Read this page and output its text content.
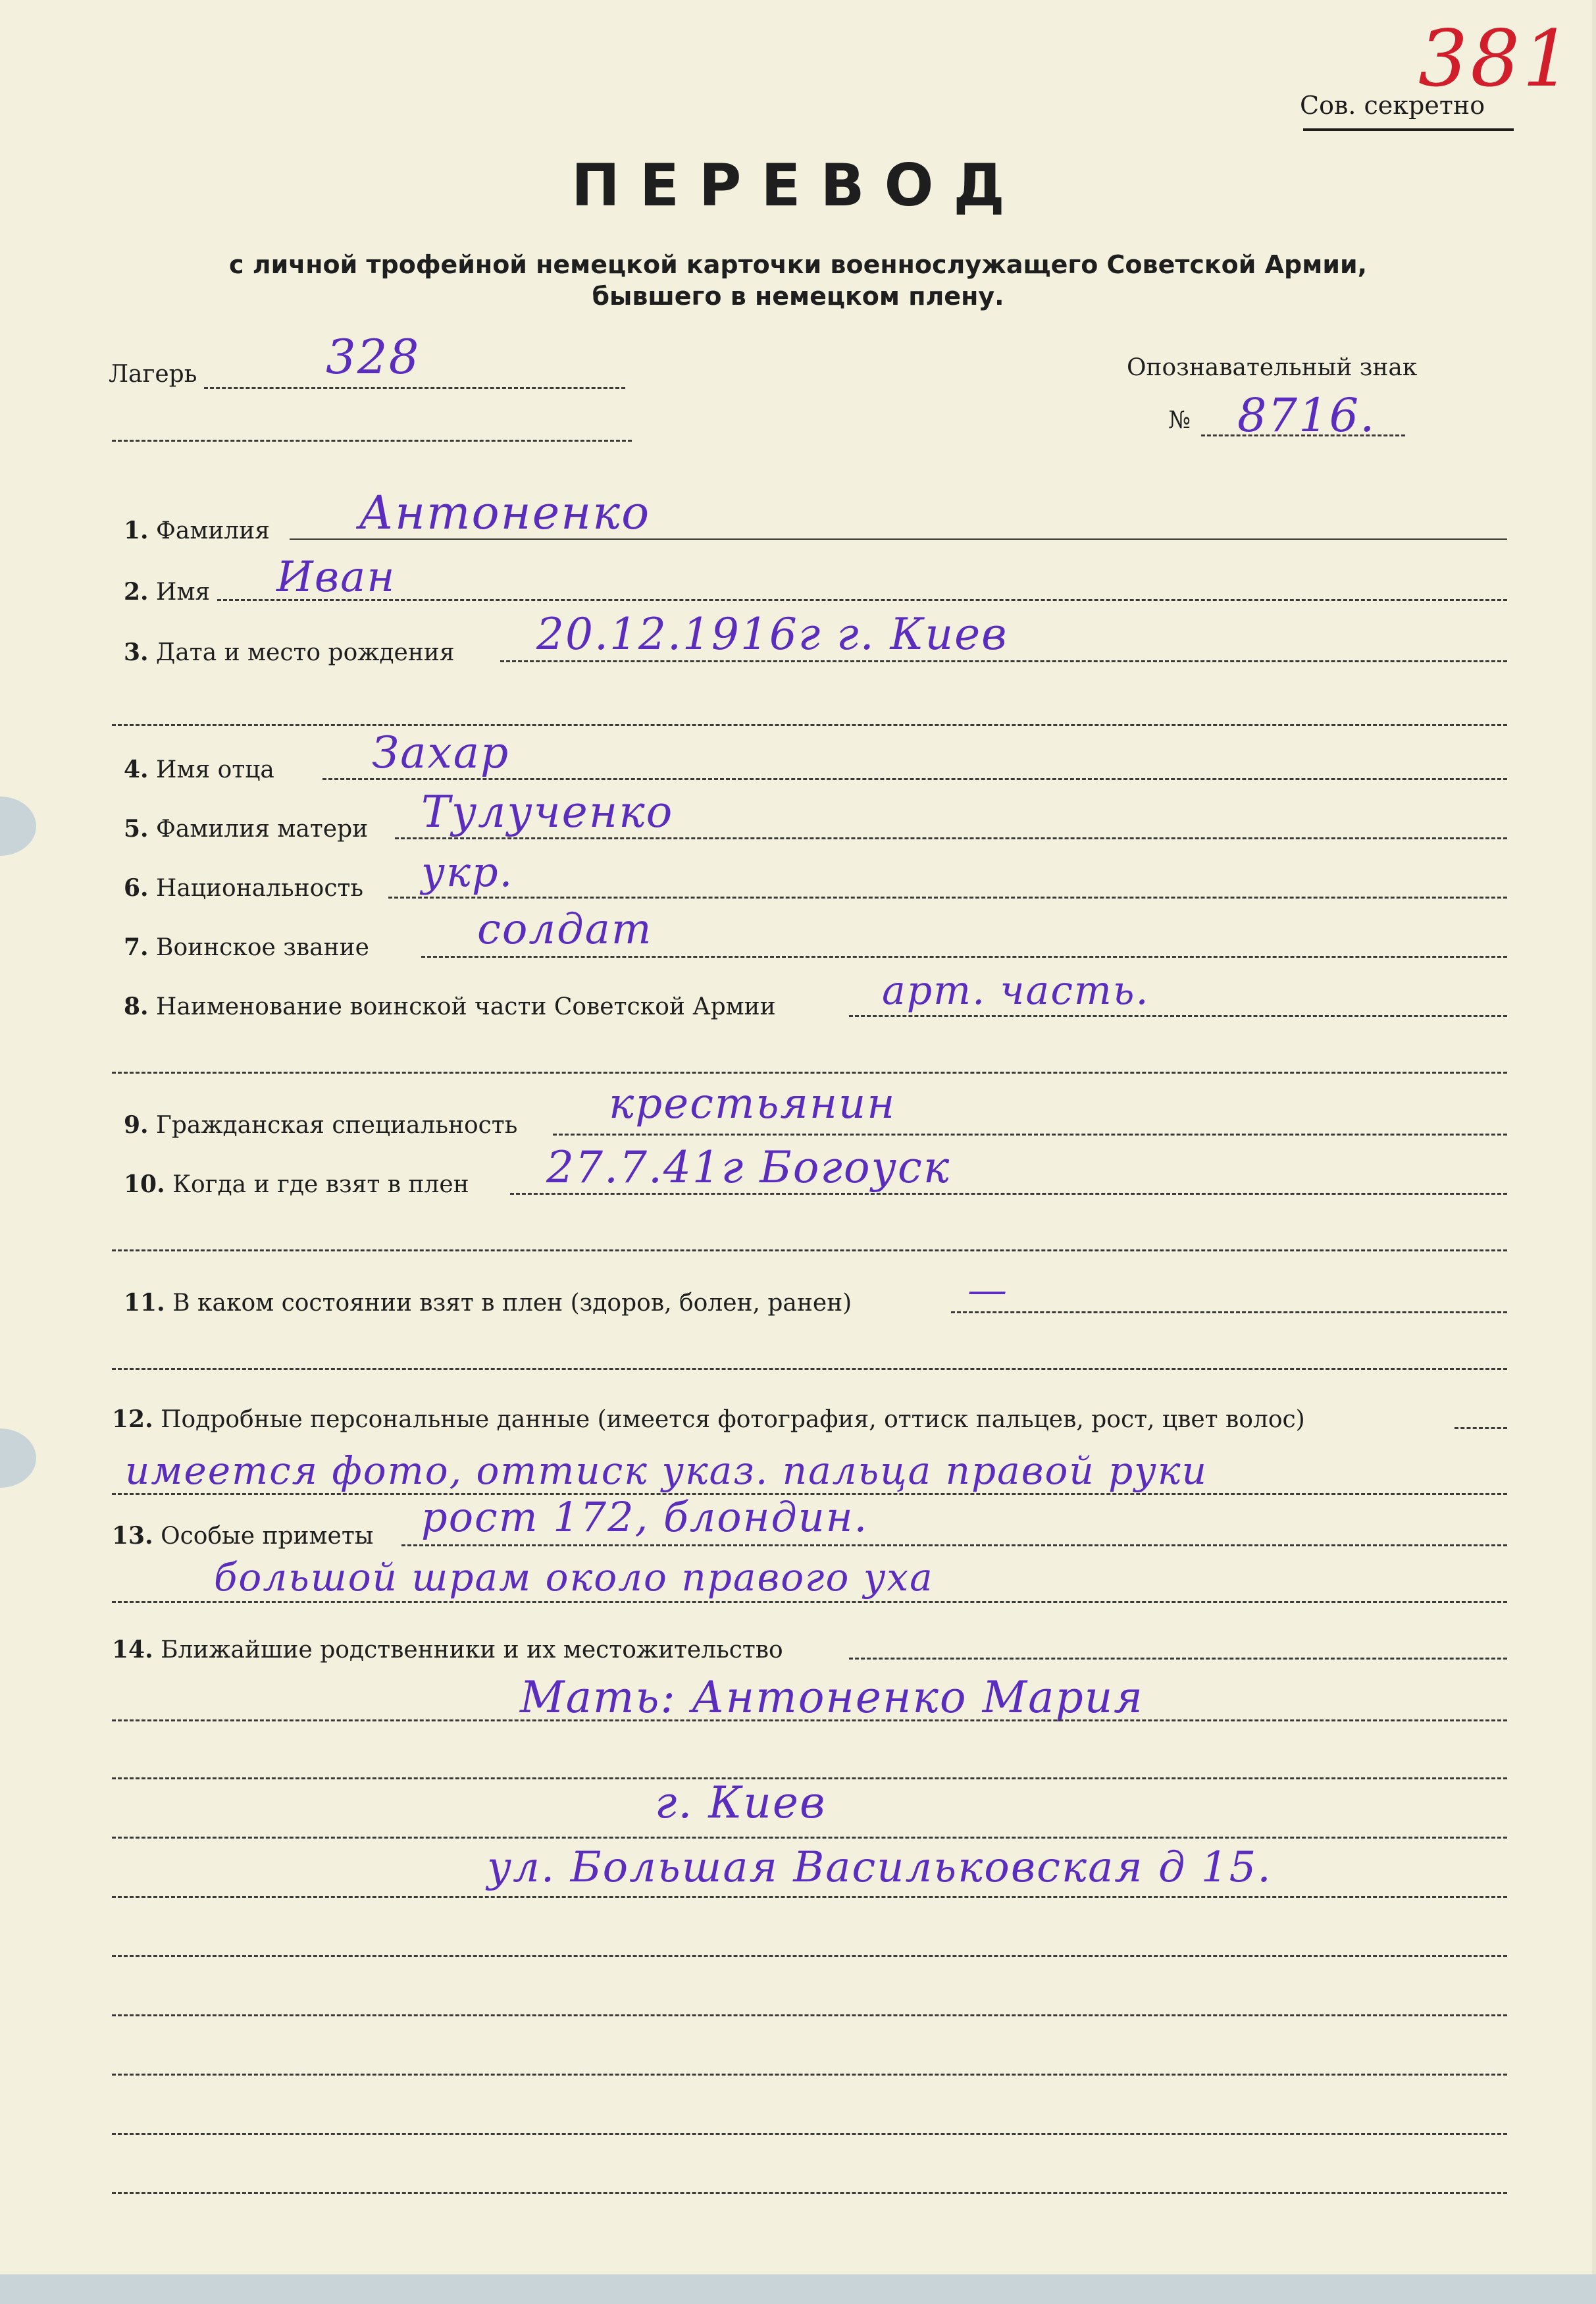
381
Сов. секретно
ПЕРЕВОД
с личной трофейной немецкой карточки военнослужащего Советской Армии,
бывшего в немецком плену.
Лагерь	328	Опознавательный знак
№ 8716.
1. Фамилия Антоненко
2. Имя Иван
3. Дата и место рождения 20.12.1916г г. Киев
4. Имя отца Захар
5. Фамилия матери Тулученко
6. Национальность укр.
7. Воинское звание	солдат
8. Наименование воинской части Советской Армии	арт. часть.
9. Гражданская специальность крестьянин
10. Когда и где взят в плен 27.7.41г Богоуск
11. В каком состоянии взят в плен (здоров, болен, ранен)	—
12. Подробные персональные данные (имеется фотография, оттиск пальцев, рост, цвет волос)
имеется фото, оттиск указ. пальца правой руки
13. Особые приметы рост 172, блондин.
большой шрам около правого уха
14. Ближайшие родственники и их местожительство
Мать: Антоненко Мария
г. Киев
ул. Большая Васильковская д 15.
